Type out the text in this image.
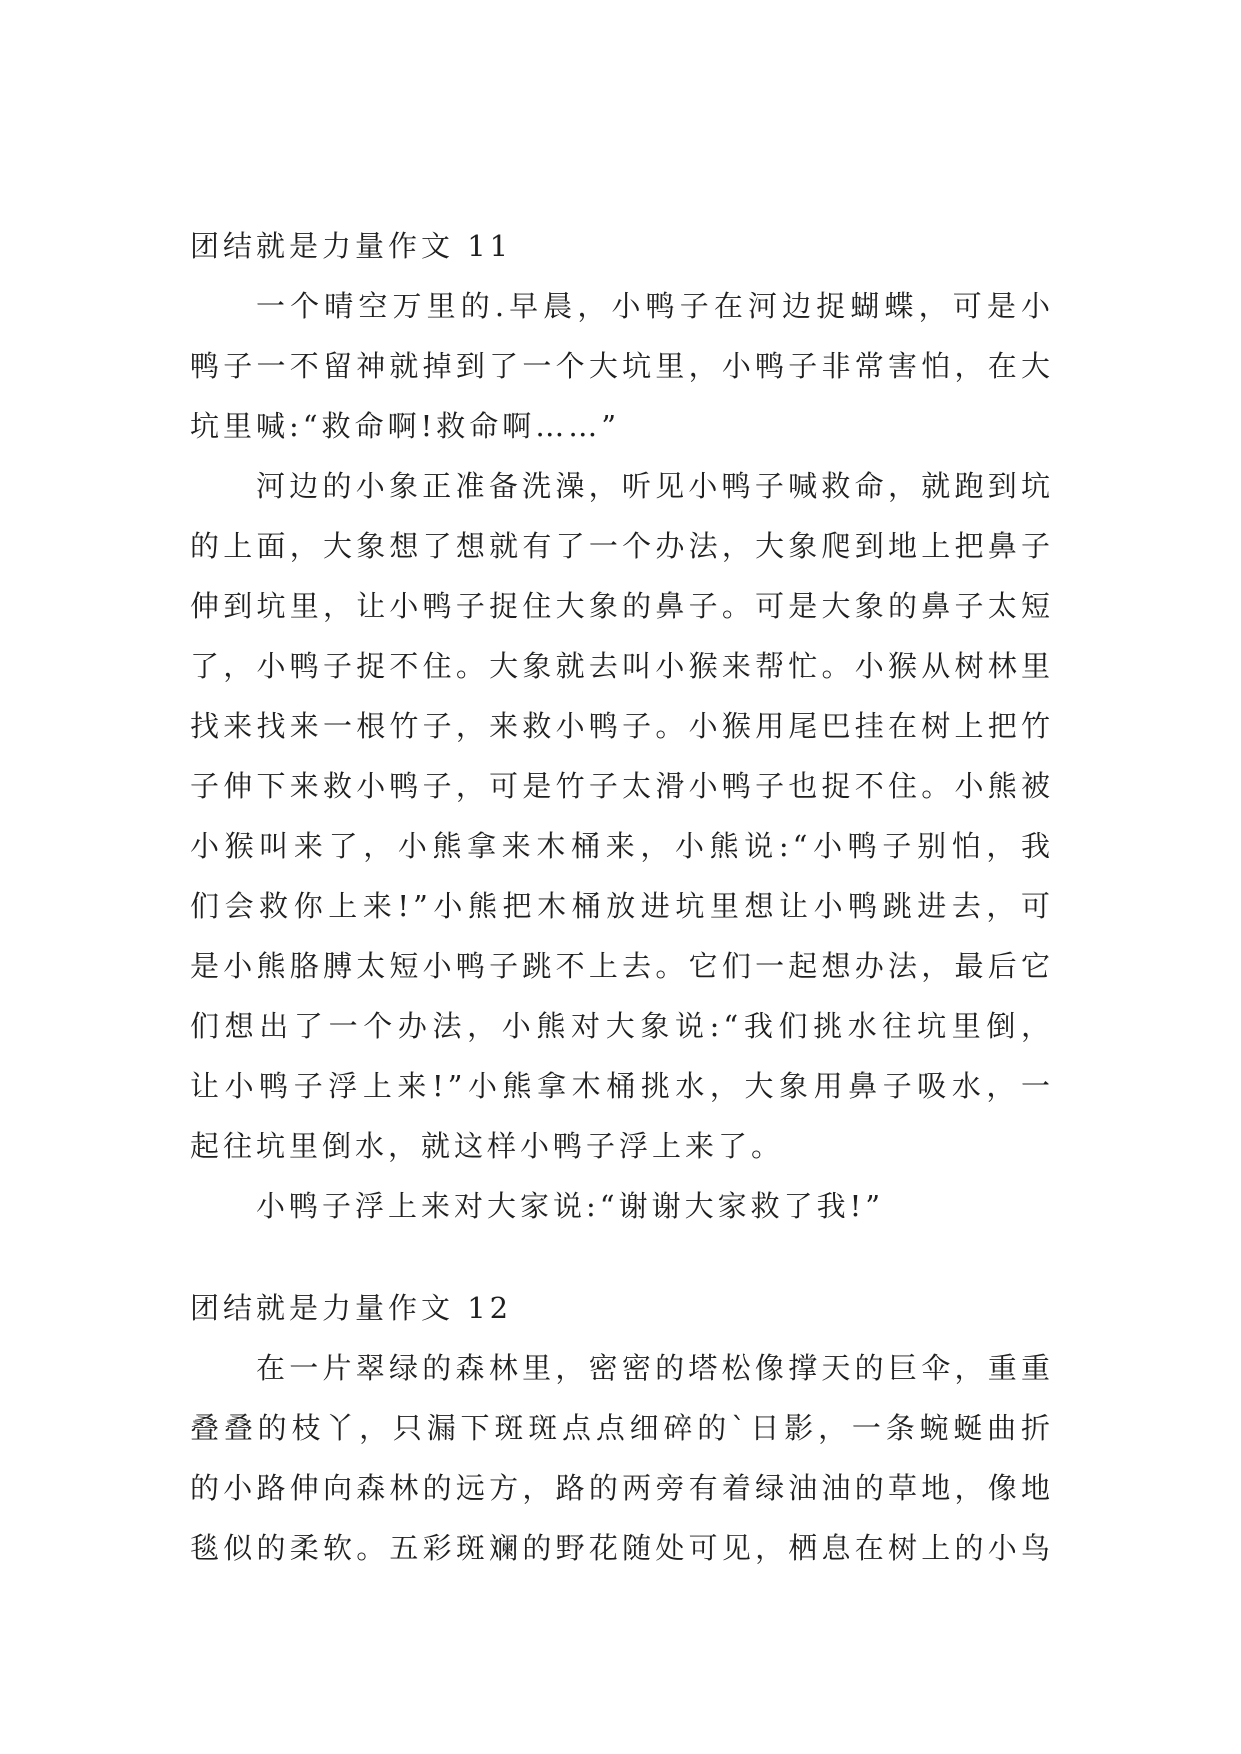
团结就是力量作文 11
一个晴空万里的.早晨，小鸭子在河边捉蝴蝶，可是小
鸭子一不留神就掉到了一个大坑里，小鸭子非常害怕，在大
坑里喊:“救命啊!救命啊……”
河边的小象正准备洗澡，听见小鸭子喊救命，就跑到坑
的上面，大象想了想就有了一个办法，大象爬到地上把鼻子
伸到坑里，让小鸭子捉住大象的鼻子。可是大象的鼻子太短
了，小鸭子捉不住。大象就去叫小猴来帮忙。小猴从树林里
找来找来一根竹子，来救小鸭子。小猴用尾巴挂在树上把竹
子伸下来救小鸭子，可是竹子太滑小鸭子也捉不住。小熊被
小猴叫来了，小熊拿来木桶来，小熊说:“小鸭子别怕，我
们会救你上来!”小熊把木桶放进坑里想让小鸭跳进去，可
是小熊胳膊太短小鸭子跳不上去。它们一起想办法，最后它
们想出了一个办法，小熊对大象说:“我们挑水往坑里倒，
让小鸭子浮上来!”小熊拿木桶挑水，大象用鼻子吸水，一
起往坑里倒水，就这样小鸭子浮上来了。
小鸭子浮上来对大家说:“谢谢大家救了我!”
团结就是力量作文 12
在一片翠绿的森林里，密密的塔松像撑天的巨伞，重重
叠叠的枝丫，只漏下斑斑点点细碎的`日影，一条蜿蜒曲折
的小路伸向森林的远方，路的两旁有着绿油油的草地，像地
毯似的柔软。五彩斑斓的野花随处可见，栖息在树上的小鸟
